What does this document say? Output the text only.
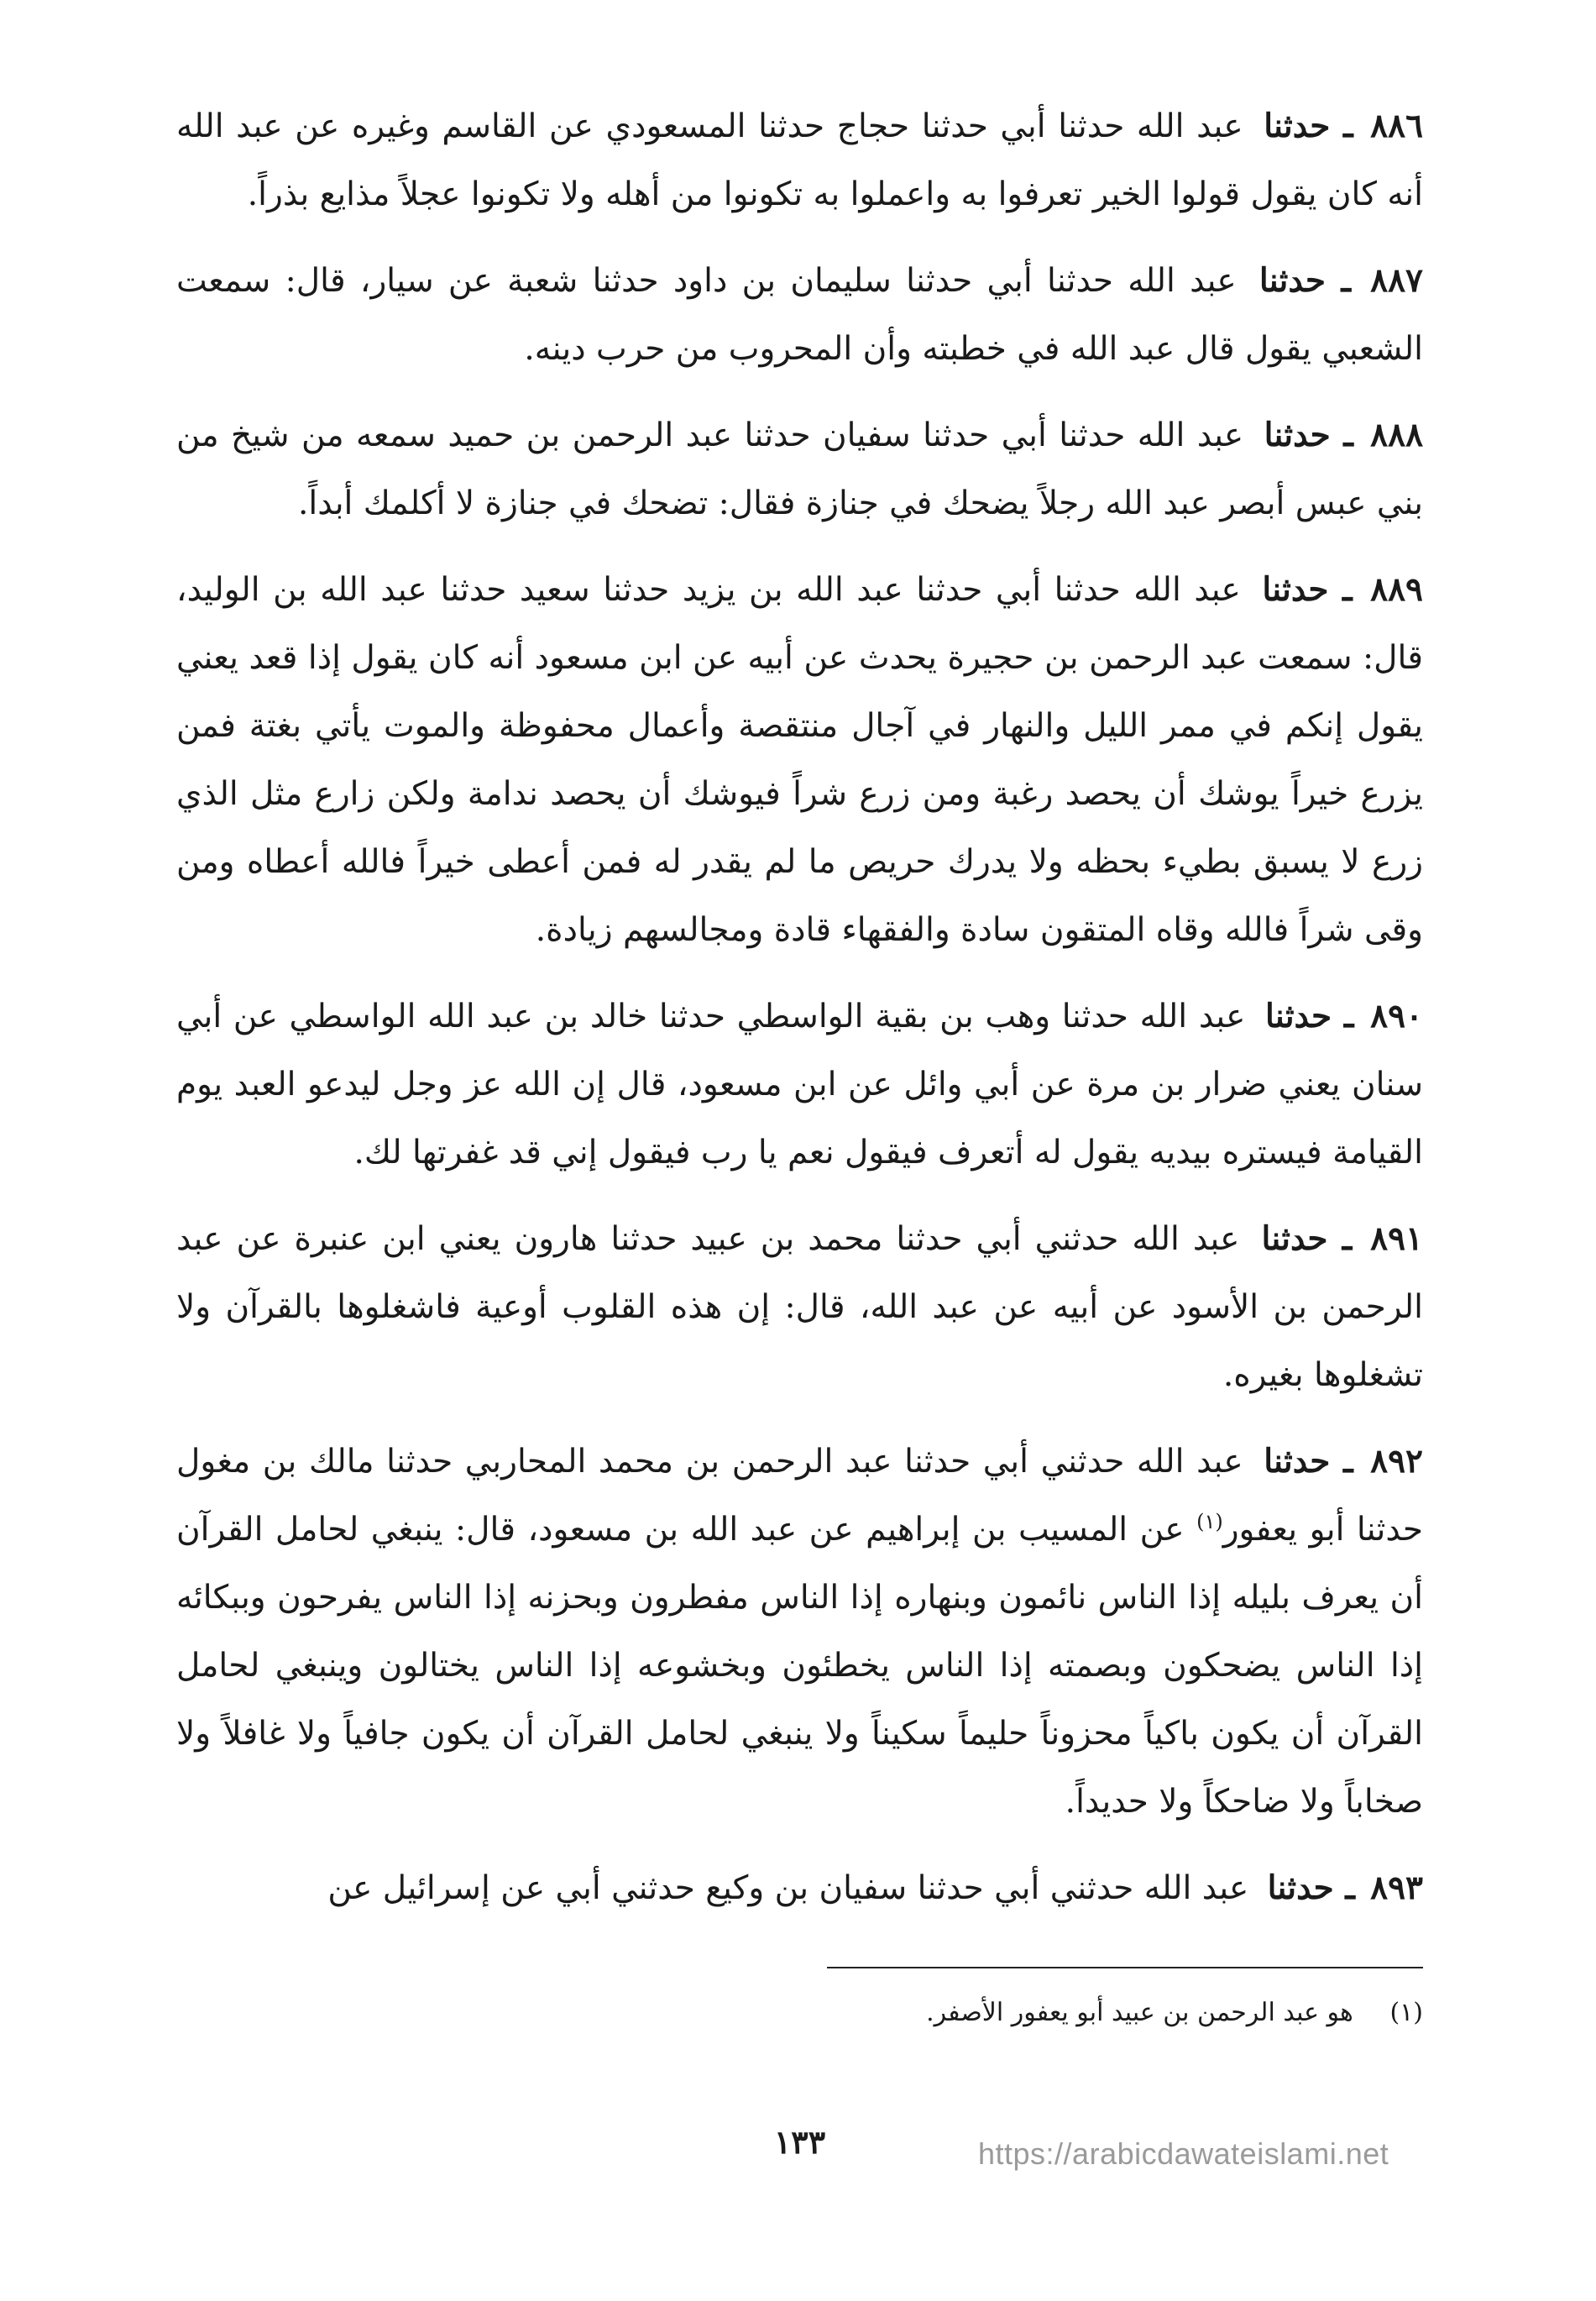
٨٨٦ ـ حدثنا عبد الله حدثنا أبي حدثنا حجاج حدثنا المسعودي عن القاسم وغيره عن عبد الله أنه كان يقول قولوا الخير تعرفوا به واعملوا به تكونوا من أهله ولا تكونوا عجلاً مذايع بذراً.

٨٨٧ ـ حدثنا عبد الله حدثنا أبي حدثنا سليمان بن داود حدثنا شعبة عن سيار، قال: سمعت الشعبي يقول قال عبد الله في خطبته وأن المحروب من حرب دينه.

٨٨٨ ـ حدثنا عبد الله حدثنا أبي حدثنا سفيان حدثنا عبد الرحمن بن حميد سمعه من شيخ من بني عبس أبصر عبد الله رجلاً يضحك في جنازة فقال: تضحك في جنازة لا أكلمك أبداً.

٨٨٩ ـ حدثنا عبد الله حدثنا أبي حدثنا عبد الله بن يزيد حدثنا سعيد حدثنا عبد الله بن الوليد، قال: سمعت عبد الرحمن بن حجيرة يحدث عن أبيه عن ابن مسعود أنه كان يقول إذا قعد يعني يقول إنكم في ممر الليل والنهار في آجال منتقصة وأعمال محفوظة والموت يأتي بغتة فمن يزرع خيراً يوشك أن يحصد رغبة ومن زرع شراً فيوشك أن يحصد ندامة ولكن زارع مثل الذي زرع لا يسبق بطيء بحظه ولا يدرك حريص ما لم يقدر له فمن أعطى خيراً فالله أعطاه ومن وقى شراً فالله وقاه المتقون سادة والفقهاء قادة ومجالسهم زيادة.

٨٩٠ ـ حدثنا عبد الله حدثنا وهب بن بقية الواسطي حدثنا خالد بن عبد الله الواسطي عن أبي سنان يعني ضرار بن مرة عن أبي وائل عن ابن مسعود، قال إن الله عز وجل ليدعو العبد يوم القيامة فيستره بيديه يقول له أتعرف فيقول نعم يا رب فيقول إني قد غفرتها لك.

٨٩١ ـ حدثنا عبد الله حدثني أبي حدثنا محمد بن عبيد حدثنا هارون يعني ابن عنبرة عن عبد الرحمن بن الأسود عن أبيه عن عبد الله، قال: إن هذه القلوب أوعية فاشغلوها بالقرآن ولا تشغلوها بغيره.

٨٩٢ ـ حدثنا عبد الله حدثني أبي حدثنا عبد الرحمن بن محمد المحاربي حدثنا مالك بن مغول حدثنا أبو يعفور$^{(١)}$ عن المسيب بن إبراهيم عن عبد الله بن مسعود، قال: ينبغي لحامل القرآن أن يعرف بليله إذا الناس نائمون وبنهاره إذا الناس مفطرون وبحزنه إذا الناس يفرحون وببكائه إذا الناس يضحكون وبصمته إذا الناس يخطئون وبخشوعه إذا الناس يختالون وينبغي لحامل القرآن أن يكون باكياً محزوناً حليماً سكيناً ولا ينبغي لحامل القرآن أن يكون جافياً ولا غافلاً ولا صخاباً ولا ضاحكاً ولا حديداً.

٨٩٣ ـ حدثنا عبد الله حدثني أبي حدثنا سفيان بن وكيع حدثني أبي عن إسرائيل عن

(١) هو عبد الرحمن بن عبيد أبو يعفور الأصفر.
١٣٣	https://arabicdawateislami.net
